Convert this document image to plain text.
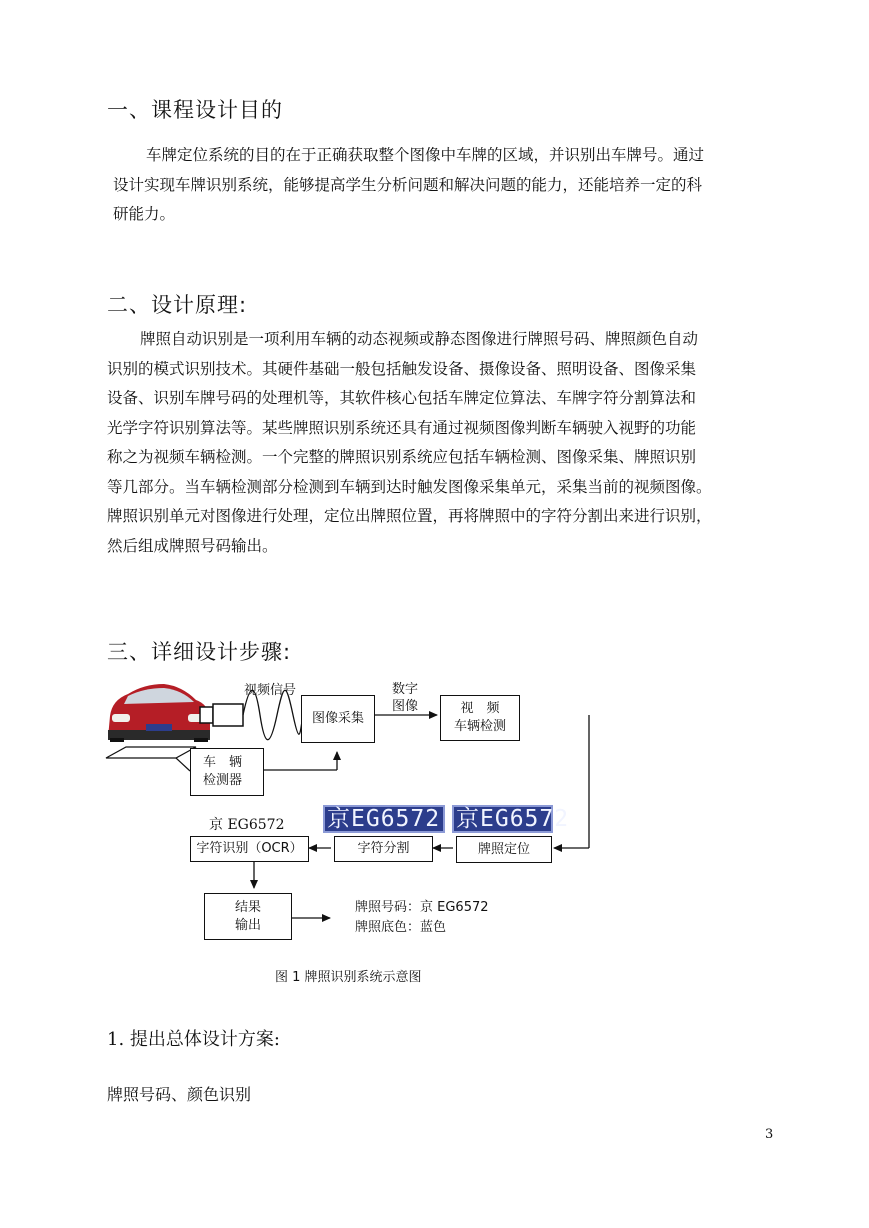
一、课程设计目的

车牌定位系统的目的在于正确获取整个图像中车牌的区域，并识别出车牌号。通过

设计实现车牌识别系统，能够提高学生分析问题和解决问题的能力，还能培养一定的科

研能力。

二、设计原理:

牌照自动识别是一项利用车辆的动态视频或静态图像进行牌照号码、牌照颜色自动

识别的模式识别技术。其硬件基础一般包括触发设备、摄像设备、照明设备、图像采集

设备、识别车牌号码的处理机等，其软件核心包括车牌定位算法、车牌字符分割算法和

光学字符识别算法等。某些牌照识别系统还具有通过视频图像判断车辆驶入视野的功能

称之为视频车辆检测。一个完整的牌照识别系统应包括车辆检测、图像采集、牌照识别

等几部分。当车辆检测部分检测到车辆到达时触发图像采集单元，采集当前的视频图像。

牌照识别单元对图像进行处理，定位出牌照位置，再将牌照中的字符分割出来进行识别，

然后组成牌照号码输出。

三、详细设计步骤:
视频信号	数字
图像
图像采集
视　频
车辆检测
车　辆
检测器
京 EG6572 京EG6572 京EG6572
字符识别（OCR）	字符分割	牌照定位
结果
输出
牌照号码：京 EG6572
牌照底色：蓝色
图 1 牌照识别系统示意图
1. 提出总体设计方案:
牌照号码、颜色识别
3
